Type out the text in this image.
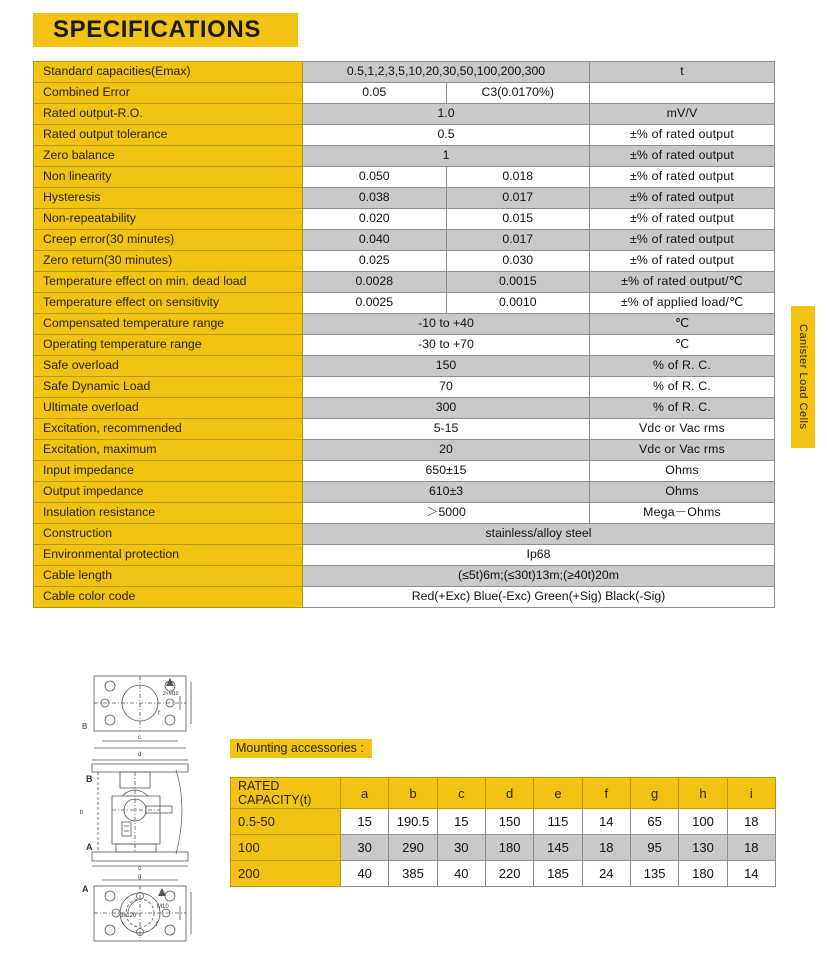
SPECIFICATIONS
Standard capacities(Emax)	0.5,1,2,3,5,10,20,30,50,100,200,300		t
Combined Error	0.05	C3(0.0170%)	
Rated output-R.O.	1.0		mV/V
Rated output tolerance	0.5		±% of rated output
Zero balance	1		±% of rated output
Non linearity	0.050	0.018	±% of rated output
Hysteresis	0.038	0.017	±% of rated output
Non-repeatability	0.020	0.015	±% of rated output
Creep error(30 minutes)	0.040	0.017	±% of rated output
Zero return(30 minutes)	0.025	0.030	±% of rated output
Temperature effect on min. dead load	0.0028	0.0015	±% of rated output/℃
Temperature effect on sensitivity	0.0025	0.0010	±% of applied load/℃
Compensated temperature range	-10 to +40		℃
Operating temperature range	-30 to +70		℃
Safe overload	150		% of R. C.
Safe Dynamic Load	70		% of R. C.
Ultimate overload	300		% of R. C.
Excitation, recommended	5-15		Vdc or Vac rms
Excitation, maximum	20		Vdc or Vac rms
Input impedance	650±15		Ohms
Output impedance	610±3		Ohms
Insulation resistance	＞5000		Mega－Ohms
Construction	stainless/alloy steel		
Environmental protection	Ip68		
Cable length	(≤5t)6m;(≤30t)13m;(≥40t)20m		
Cable color code	Red(+Exc) Blue(-Exc) Green(+Sig) Black(-Sig)		
Canister Load Cells
B
2×M10
c
d
f
B
A
b
c
A
3x120°
M10
g
f
Mounting accessories :
RATED
CAPACITY(t)	a	b	c	d	e	f	g	h	i
0.5-50	15	190.5	15	150	115	14	65	100	18
100	30	290	30	180	145	18	95	130	18
200	40	385	40	220	185	24	135	180	14
